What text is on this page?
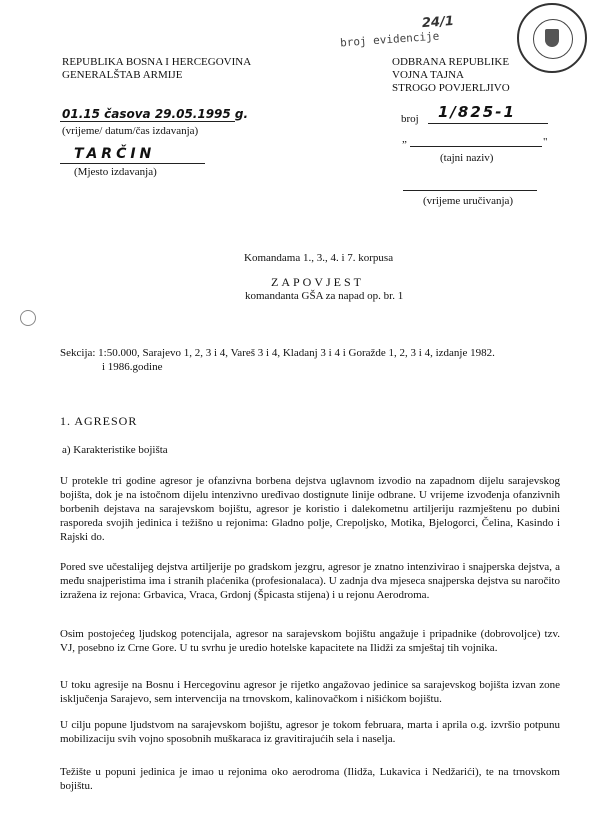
broj evidencije
24/1
REPUBLIKA BOSNA I HERCEGOVINA
GENERALŠTAB ARMIJE
01.15 časova 29.05.1995 g.
(vrijeme/ datum/čas izdavanja)
TARČIN
(Mjesto izdavanja)
ODBRANA REPUBLIKE
VOJNA TAJNA
STROGO POVJERLJIVO
broj 1/825-1
„	"
(tajni naziv)
(vrijeme uručivanja)
Komandama 1., 3., 4. i 7. korpusa
ZAPOVJEST
komandanta GŠA za napad op. br. 1
Sekcija: 1:50.000, Sarajevo 1, 2, 3 i 4, Vareš 3 i 4, Kladanj 3 i 4 i Goražde 1, 2, 3 i 4, izdanje 1982.
i 1986.godine
1. AGRESOR
a) Karakteristike bojišta
U protekle tri godine agresor je ofanzivna borbena dejstva uglavnom izvodio na zapadnom dijelu sarajevskog bojišta, dok je na istočnom dijelu intenzivno uređivao dostignute linije odbrane. U vrijeme izvođenja ofanzivnih borbenih dejstava na sarajevskom bojištu, agresor je koristio i dalekometnu artiljeriju razmještenu po dubini rasporeda svojih jedinica i težišno u rejonima: Gladno polje, Crepoljsko, Motika, Bjelogorci, Čelina, Kasindo i Rajski do.
Pored sve učestalijeg dejstva artiljerije po gradskom jezgru, agresor je znatno intenzivirao i snajperska dejstva, a među snajperistima ima i stranih plaćenika (profesionalaca). U zadnja dva mjeseca snajperska dejstva su naročito izražena iz rejona: Grbavica, Vraca, Grdonj (Špicasta stijena) i u rejonu Aerodroma.
Osim postojećeg ljudskog potencijala, agresor na sarajevskom bojištu angažuje i pripadnike (dobrovoljce) tzv. VJ, posebno iz Crne Gore. U tu svrhu je uredio hotelske kapacitete na Ilidži za smještaj tih vojnika.
U toku agresije na Bosnu i Hercegovinu agresor je rijetko angažovao jedinice sa sarajevskog bojišta izvan zone isključenja Sarajevo, sem intervencija na trnovskom, kalinovačkom i nišićkom bojištu.
U cilju popune ljudstvom na sarajevskom bojištu, agresor je tokom februara, marta i aprila o.g. izvršio potpunu mobilizaciju svih vojno sposobnih muškaraca iz gravitirajućih sela i naselja.
Težište u popuni jedinica je imao u rejonima oko aerodroma (Ilidža, Lukavica i Nedžarići), te na trnovskom bojištu.
